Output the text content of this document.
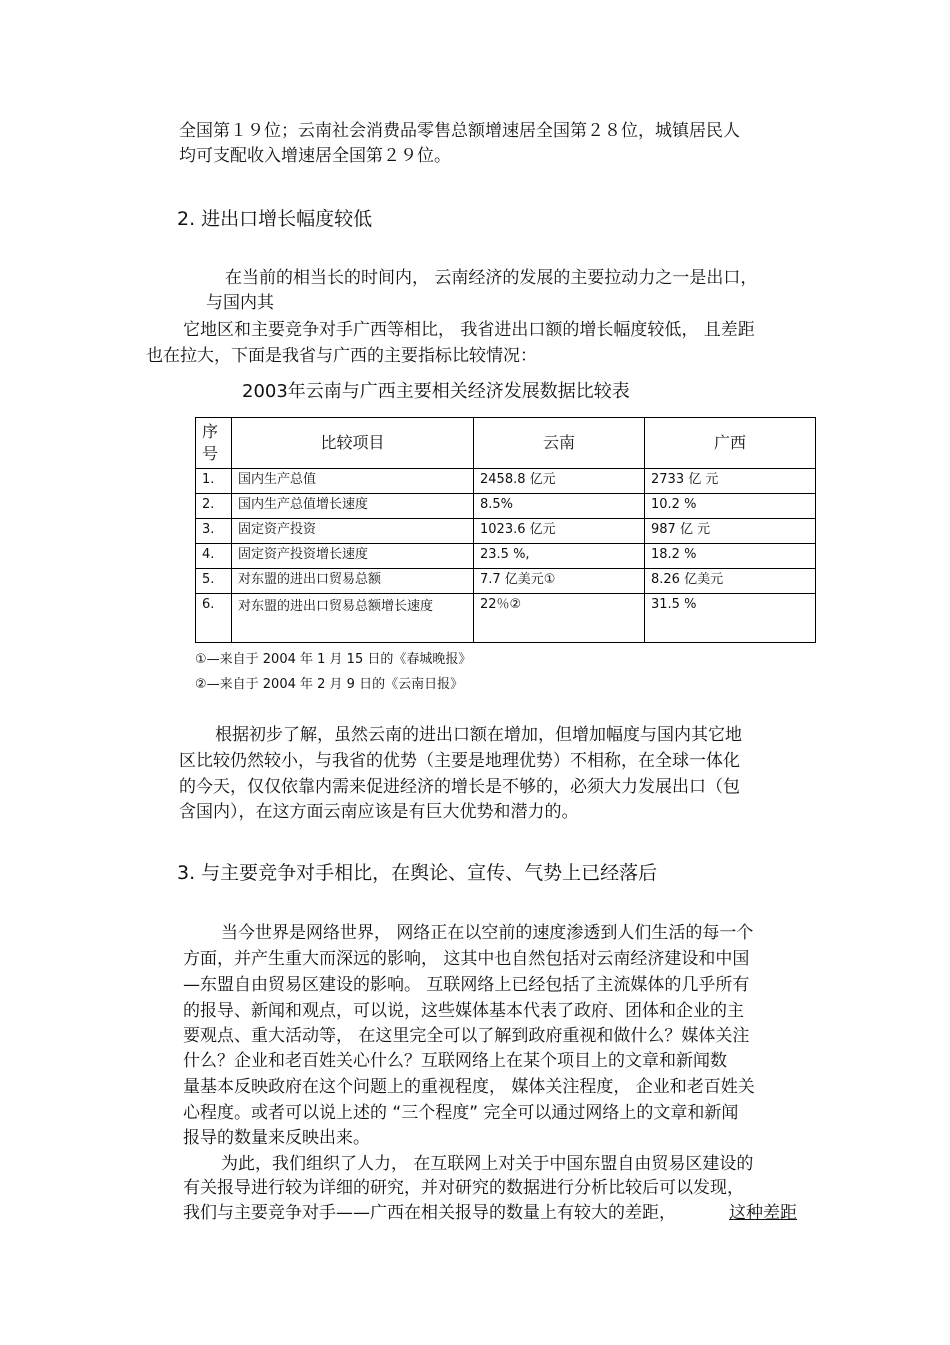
全国第１９位；云南社会消费品零售总额增速居全国第２８位，城镇居民人
均可支配收入增速居全国第２９位。
2. 进出口增长幅度较低
在当前的相当长的时间内， 云南经济的发展的主要拉动力之一是出口，
与国内其
它地区和主要竞争对手广西等相比， 我省进出口额的增长幅度较低， 且差距
也在拉大，下面是我省与广西的主要指标比较情况：
2003年云南与广西主要相关经济发展数据比较表
序号	比较项目	云南	广西
1.	国内生产总值	2458.8 亿元	2733 亿 元
2.	国内生产总值增长速度	8.5%	10.2 %
3.	固定资产投资	1023.6 亿元	987 亿 元
4.	固定资产投资增长速度	23.5 %,	18.2 %
5.	对东盟的进出口贸易总额	7.7 亿美元①	8.26 亿美元
6.	对东盟的进出口贸易总额增长速度	22％②	31.5 %
①—来自于 2004 年 1 月 15 日的《春城晚报》
②—来自于 2004 年 2 月 9 日的《云南日报》
根据初步了解，虽然云南的进出口额在增加，但增加幅度与国内其它地
区比较仍然较小，与我省的优势（主要是地理优势）不相称，在全球一体化
的今天，仅仅依靠内需来促进经济的增长是不够的，必须大力发展出口（包
含国内），在这方面云南应该是有巨大优势和潜力的。
3. 与主要竞争对手相比，在舆论、宣传、气势上已经落后
当今世界是网络世界， 网络正在以空前的速度渗透到人们生活的每一个
方面，并产生重大而深远的影响， 这其中也自然包括对云南经济建设和中国
—东盟自由贸易区建设的影响。 互联网络上已经包括了主流媒体的几乎所有
的报导、新闻和观点，可以说，这些媒体基本代表了政府、团体和企业的主
要观点、重大活动等， 在这里完全可以了解到政府重视和做什么？媒体关注
什么？企业和老百姓关心什么？互联网络上在某个项目上的文章和新闻数
量基本反映政府在这个问题上的重视程度， 媒体关注程度， 企业和老百姓关
心程度。或者可以说上述的 “三个程度” 完全可以通过网络上的文章和新闻
报导的数量来反映出来。
为此，我们组织了人力， 在互联网上对关于中国东盟自由贸易区建设的
有关报导进行较为详细的研究，并对研究的数据进行分析比较后可以发现，
我们与主要竞争对手——广西在相关报导的数量上有较大的差距，	这种差距
